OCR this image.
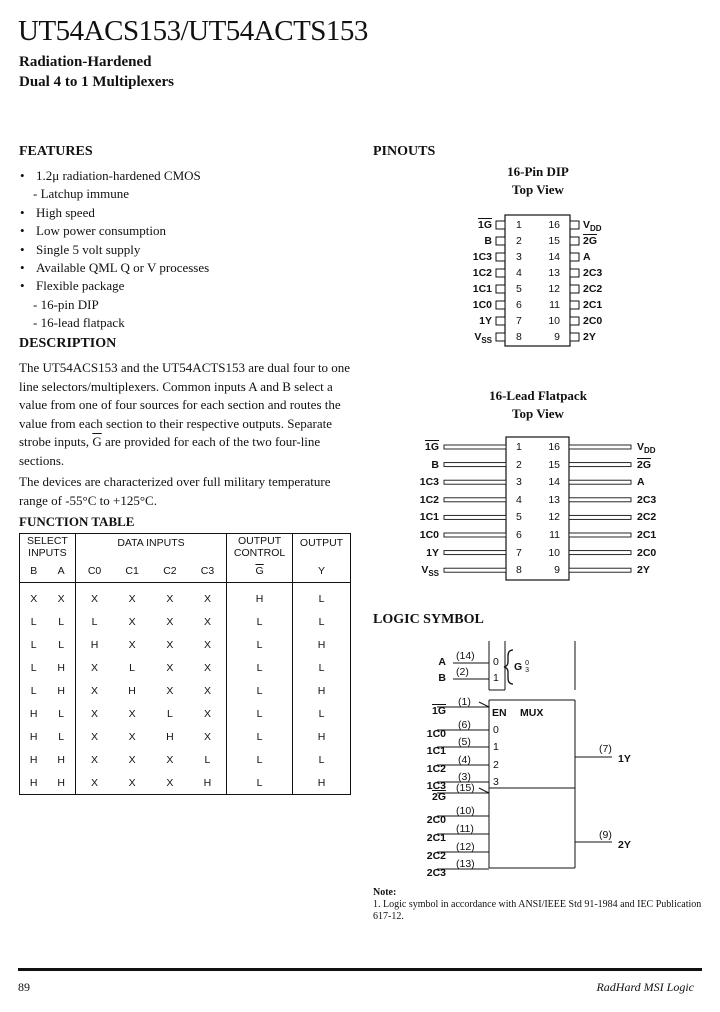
UT54ACS153/UT54ACTS153
Radiation-Hardened
Dual 4 to 1 Multiplexers
FEATURES
• 1.2μ radiation-hardened CMOS
- Latchup immune
• High speed
• Low power consumption
• Single 5 volt supply
• Available QML Q or V processes
• Flexible package
- 16-pin DIP
- 16-lead flatpack
DESCRIPTION

The UT54ACS153 and the UT54ACTS153 are dual four to one line selectors/multiplexers. Common inputs A and B select a value from one of four sources for each section and routes the value from each section to their respective outputs. Separate strobe inputs, $\overline{G}$ are provided for each of the two four-line sections.

The devices are characterized over full military temperature range of -55°C to +125°C.

FUNCTION TABLE
SELECT INPUTS		DATA INPUTS				OUTPUT CONTROL	OUTPUT
B	A	C0	C1	C2	C3	$\overline{G}$	Y
X	X	X	X	X	X	H	L
L	L	L	X	X	X	L	L
L	L	H	X	X	X	L	H
L	H	X	L	X	X	L	L
L	H	X	H	X	X	L	H
H	L	X	X	L	X	L	L
H	L	X	X	H	X	L	H
H	H	X	X	X	L	L	L
H	H	X	X	X	H	L	H
PINOUTS
16-Pin DIP
Top View
1G 1	16 $V_{DD}$
B 2	15 2G
1C3 3	14 A
1C2 4	13 2C3
1C1 5	12 2C2
1C0 6	11 2C1
1Y 7	10 2C0
$V_{SS}$ 8	9 2Y
16-Lead Flatpack
Top View
1G	1	16	$V_{DD}$
B	2	15	2G
1C3	3	14	A
1C2	4	13	2C3
1C1	5	12	2C2
1C0	6	11	2C1
1Y	7	10	2C0
$V_{SS}$	8	9	2Y
LOGIC SYMBOL
A (14) 0
B (2) 1
G 0
3
1G
(1)
1C0
(6) 0
1C1
(5) 1
1C2
(4) 2
1C3
(3) 3
EN MUX
2G
(15)
2C0
(10)
2C1
(11)
2C2
(12)
2C3
(13)
(7)
1Y
(9)
2Y
Note:
1. Logic symbol in accordance with ANSI/IEEE Std 91-1984 and IEC Publication 617-12.
89	RadHard MSI Logic
